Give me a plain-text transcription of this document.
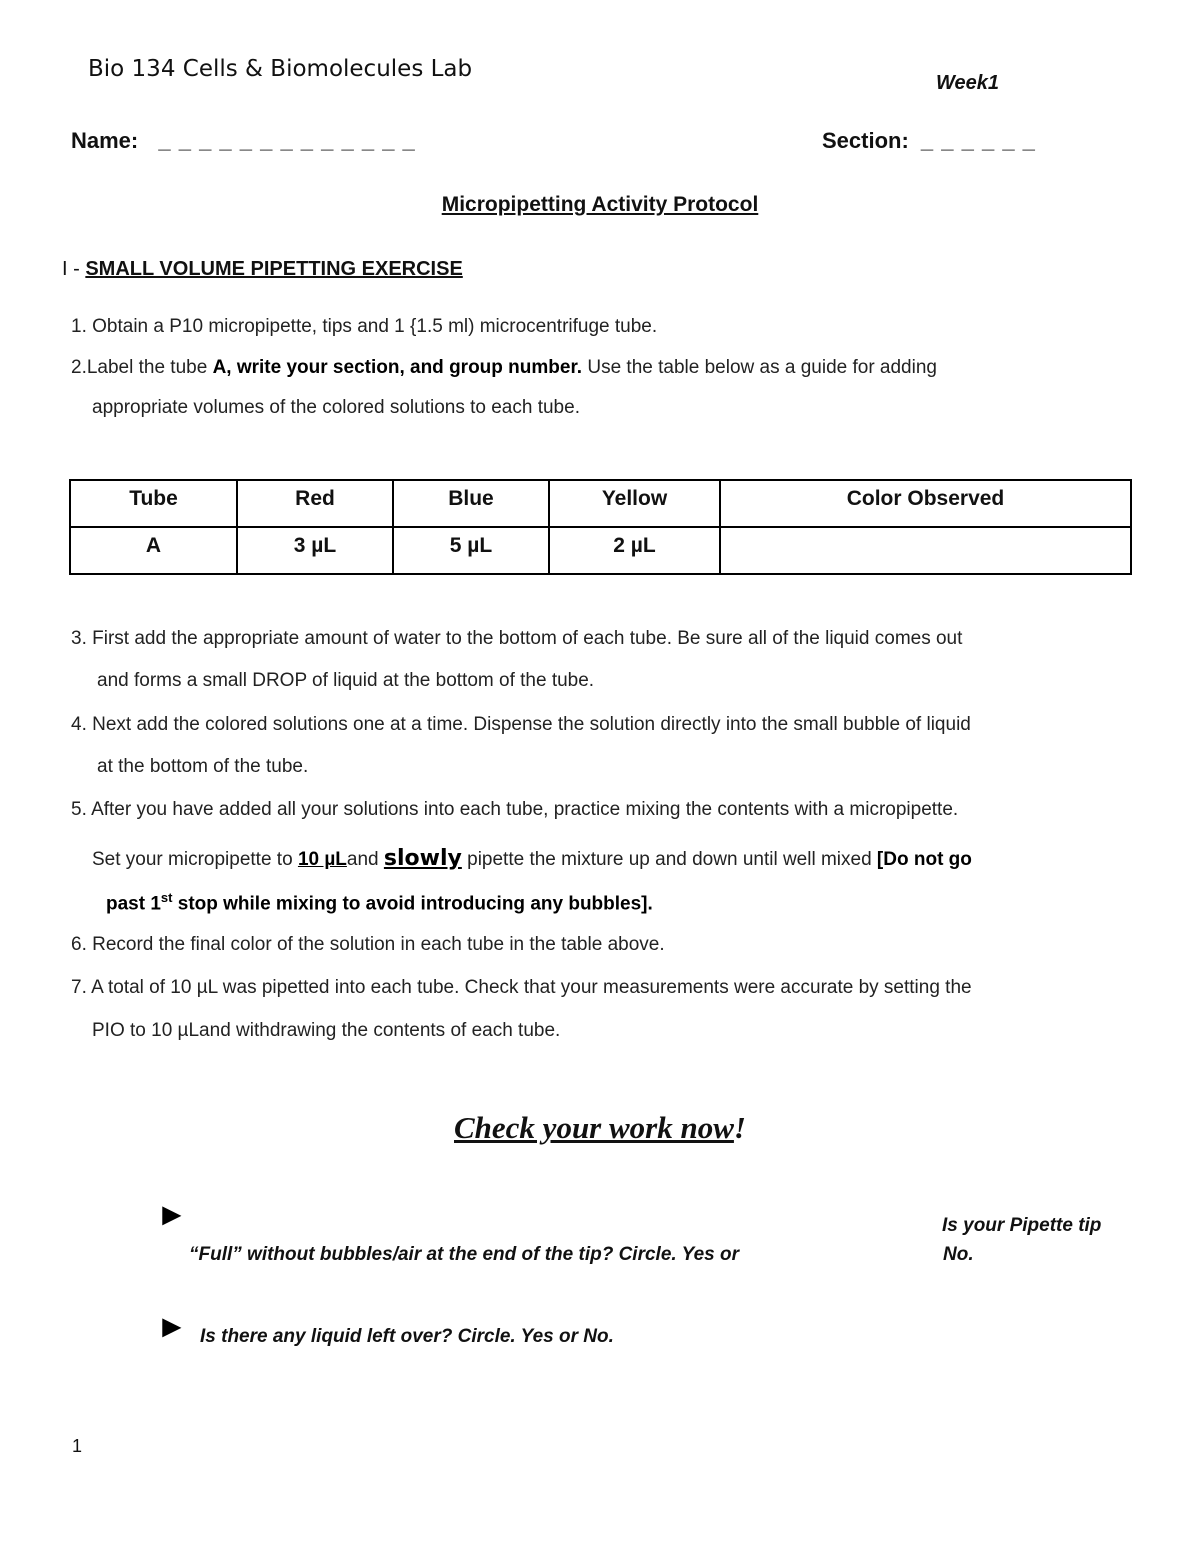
Bio 134 Cells & Biomolecules Lab
Week1
Name: _ _ _ _ _ _ _ _ _ _ _ _ _	Section: _ _ _ _ _ _
Micropipetting Activity Protocol
I - SMALL VOLUME PIPETTING EXERCISE
1. Obtain a P10 micropipette, tips and 1 {1.5 ml) microcentrifuge tube.
2.Label the tube A, write your section, and group number. Use the table below as a guide for adding
appropriate volumes of the colored solutions to each tube.
Tube	Red	Blue	Yellow	Color Observed
A	3 µL	5 µL	2 µL	
3. First add the appropriate amount of water to the bottom of each tube. Be sure all of the liquid comes out
and forms a small DROP of liquid at the bottom of the tube.
4. Next add the colored solutions one at a time. Dispense the solution directly into the small bubble of liquid
at the bottom of the tube.
5. After you have added all your solutions into each tube, practice mixing the contents with a micropipette.
Set your micropipette to 10 µLand slowly pipette the mixture up and down until well mixed [Do not go
past 1st stop while mixing to avoid introducing any bubbles].
6. Record the final color of the solution in each tube in the table above.
7. A total of 10 µL was pipetted into each tube. Check that your measurements were accurate by setting the
PIO to 10 µLand withdrawing the contents of each tube.
Check your work now!
►	Is your Pipette tip
“Full” without bubbles/air at the end of the tip? Circle. Yes or	No.
► Is there any liquid left over? Circle. Yes or No.
1
